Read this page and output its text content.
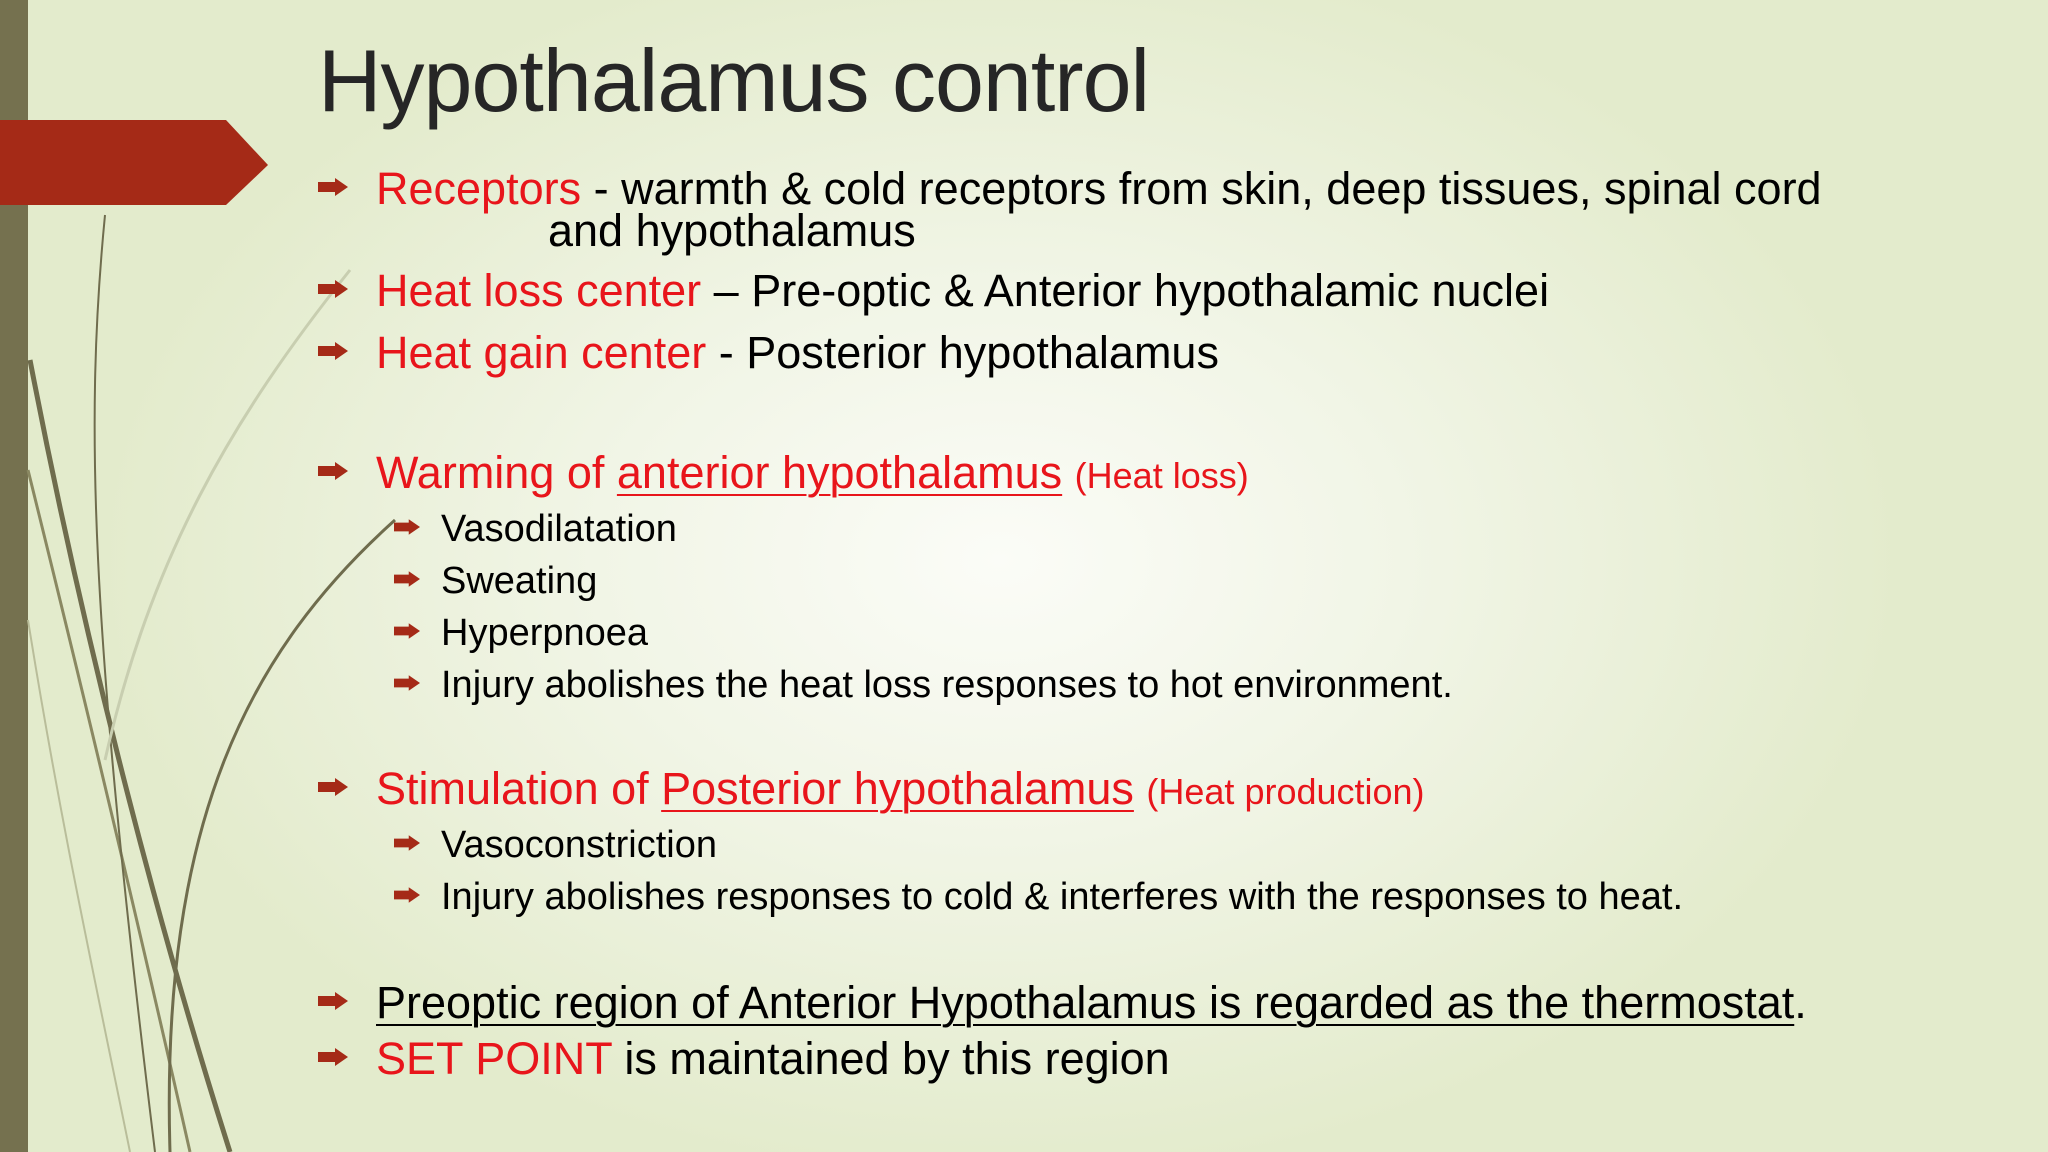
Hypothalamus control
Receptors - warmth & cold receptors from skin, deep tissues, spinal cord
and hypothalamus
Heat loss center – Pre-optic & Anterior hypothalamic nuclei
Heat gain center - Posterior hypothalamus
Warming of anterior hypothalamus (Heat loss)
Vasodilatation
Sweating
Hyperpnoea
Injury abolishes the heat loss responses to hot environment.
Stimulation of Posterior hypothalamus (Heat production)
Vasoconstriction
Injury abolishes responses to cold & interferes with the responses to heat.
Preoptic region of Anterior Hypothalamus is regarded as the thermostat.
SET POINT is maintained by this region
